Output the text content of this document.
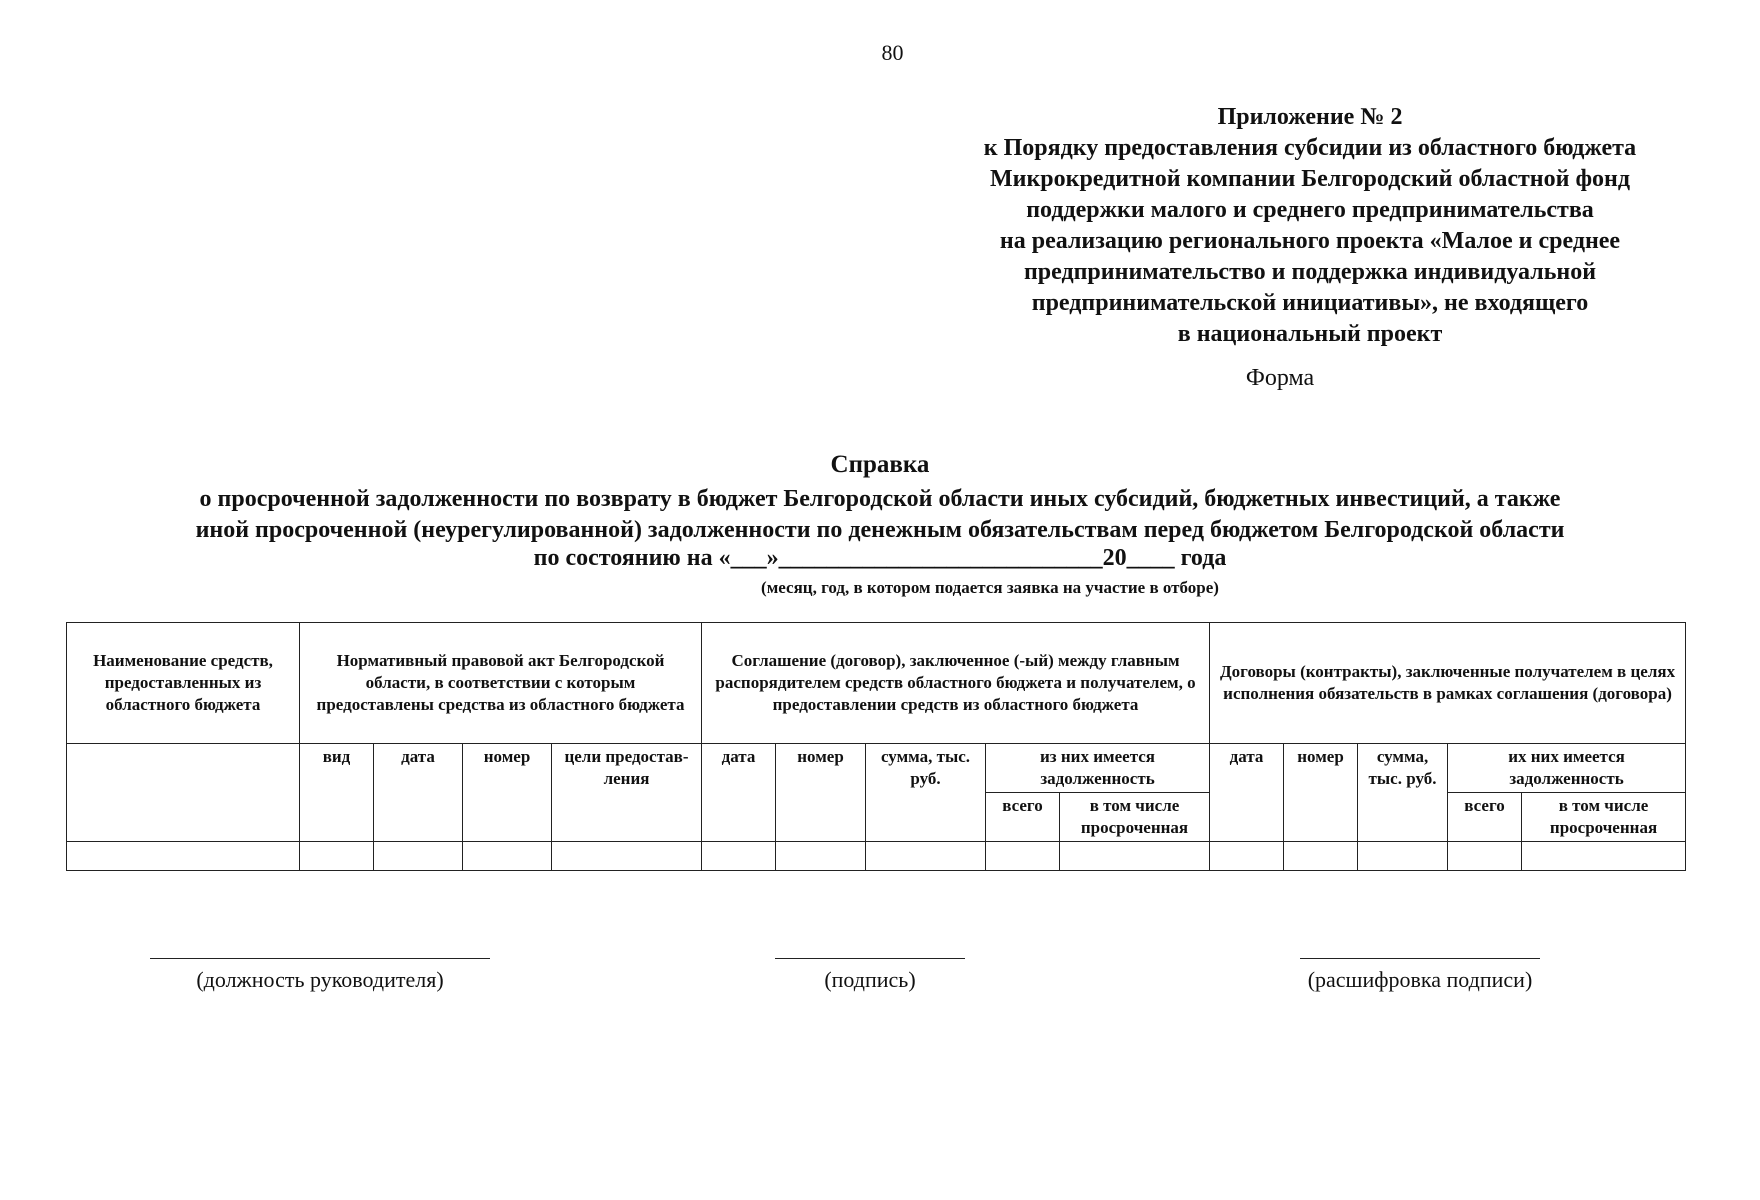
80
Приложение № 2
к Порядку предоставления субсидии из областного бюджета
Микрокредитной компании Белгородский областной фонд
поддержки малого и среднего предпринимательства
на реализацию регионального проекта «Малое и среднее
предпринимательство и поддержка индивидуальной
предпринимательской инициативы», не входящего
в национальный проект
Форма
Справка
о просроченной задолженности по возврату в бюджет Белгородской области иных субсидий, бюджетных инвестиций, а также
иной просроченной (неурегулированной) задолженности по денежным обязательствам перед бюджетом Белгородской области
по состоянию на «___»___________________________20____ года
(месяц, год, в котором подается заявка на участие в отборе)
Наименование средств, предоставленных из областного бюджета	Нормативный правовой акт Белгородской области, в соответствии с которым предоставлены средства из областного бюджета				Соглашение (договор), заключенное (-ый) между главным распорядителем средств областного бюджета и получателем, о предоставлении средств из областного бюджета					Договоры (контракты), заключенные получателем в целях исполнения обязательств в рамках соглашения (договора)				
	вид	дата	номер	цели предостав-ления	дата	номер	сумма, тыс. руб.	из них имеется задолженность		дата	номер	сумма, тыс. руб.	их них имеется задолженность	
								всего	в том числе просроченная				всего	в том числе просроченная

(должность руководителя)	(подпись)	(расшифровка подписи)
